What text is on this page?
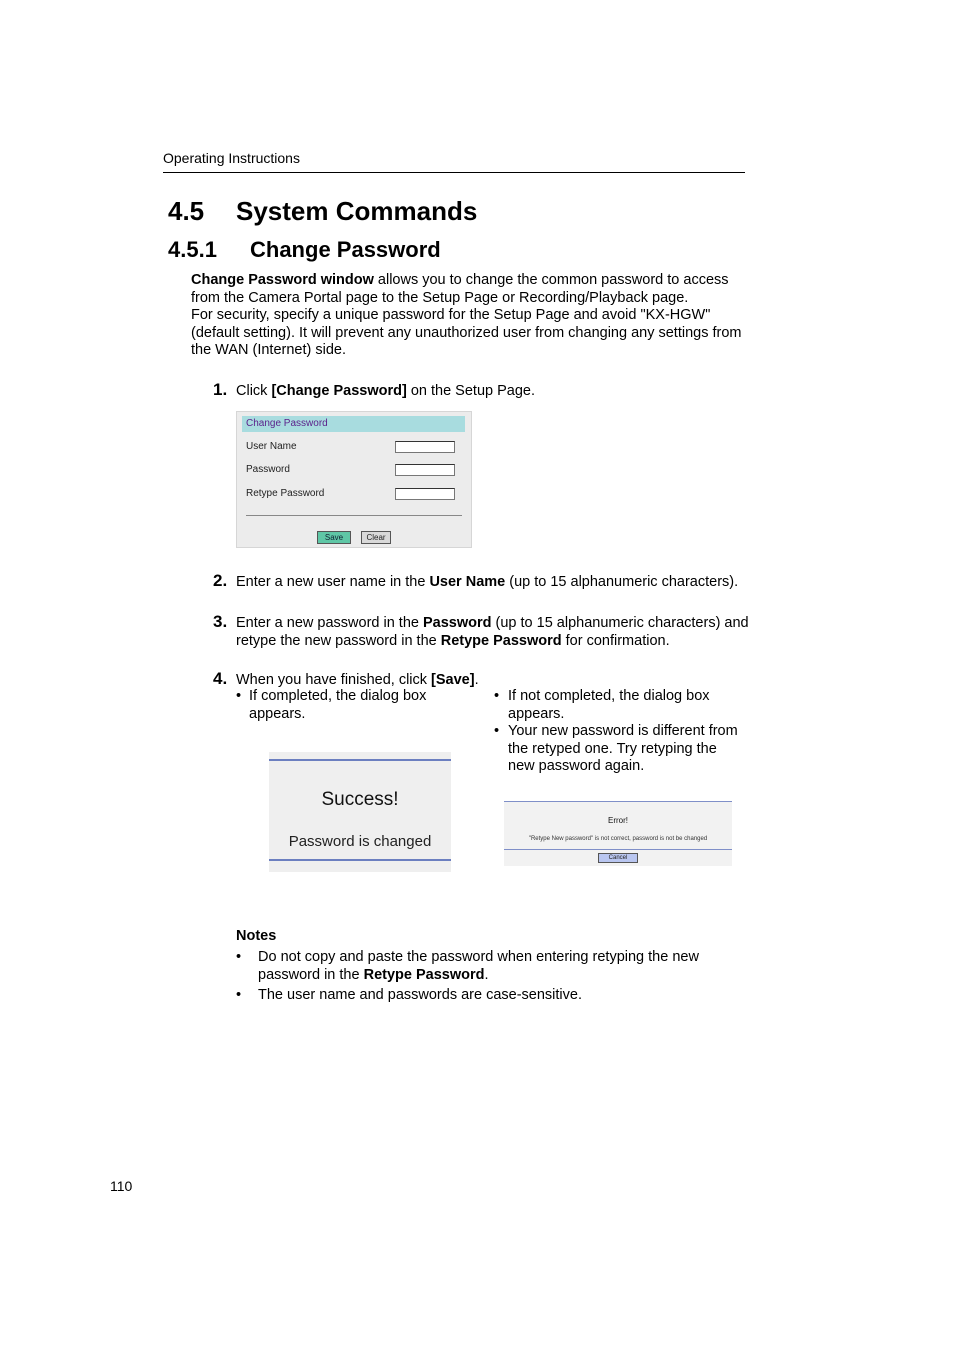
Operating Instructions
4.5 System Commands
4.5.1 Change Password
Change Password window allows you to change the common password to access
from the Camera Portal page to the Setup Page or Recording/Playback page.
For security, specify a unique password for the Setup Page and avoid "KX-HGW"
(default setting). It will prevent any unauthorized user from changing any settings from
the WAN (Internet) side.
1. Click [Change Password] on the Setup Page.
Change Password
User Name
Password
Retype Password
Save	Clear
2. Enter a new user name in the User Name (up to 15 alphanumeric characters).
3. Enter a new password in the Password (up to 15 alphanumeric characters) and
retype the new password in the Retype Password for confirmation.
4. When you have finished, click [Save].
• If completed, the dialog box
appears.
• If not completed, the dialog box
appears.
• Your new password is different from
the retyped one. Try retyping the
new password again.
Success!
Password is changed
Error!
"Retype New password" is not correct, password is not be changed
Cancel
Notes
• Do not copy and paste the password when entering retyping the new
password in the Retype Password.
• The user name and passwords are case-sensitive.
110
